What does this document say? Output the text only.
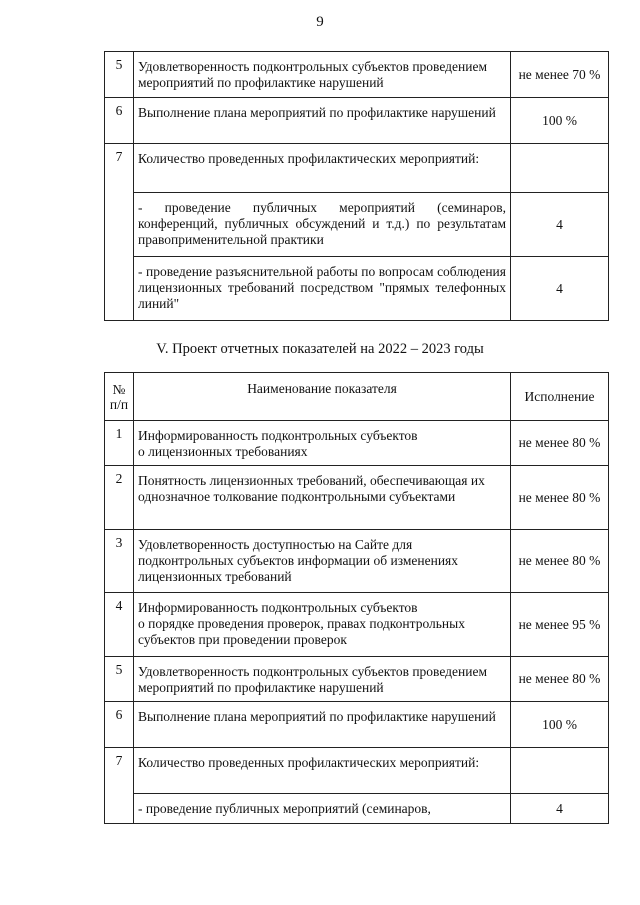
9
5	Удовлетворенность подконтрольных субъектов проведением мероприятий по профилактике нарушений	не менее 70 %
6	Выполнение плана мероприятий по профилактике нарушений	100 %
7	Количество проведенных профилактических мероприятий:	
	- проведение публичных мероприятий (семинаров, конференций, публичных обсуждений и т.д.) по результатам правоприменительной практики	4
	- проведение разъяснительной работы по вопросам соблюдения лицензионных требований посредством "прямых телефонных линий"	4
V. Проект отчетных показателей на 2022 – 2023 годы
№
п/п	Наименование показателя	Исполнение
1	Информированность подконтрольных субъектов
о лицензионных требованиях	не менее 80 %
2	Понятность лицензионных требований, обеспечивающая их однозначное толкование подконтрольными субъектами	не менее 80 %
3	Удовлетворенность доступностью на Сайте для подконтрольных субъектов информации об изменениях лицензионных требований	не менее 80 %
4	Информированность подконтрольных субъектов
о порядке проведения проверок, правах подконтрольных субъектов при проведении проверок	не менее 95 %
5	Удовлетворенность подконтрольных субъектов проведением мероприятий по профилактике нарушений	не менее 80 %
6	Выполнение плана мероприятий по профилактике нарушений	100 %
7	Количество проведенных профилактических мероприятий:	
	- проведение публичных мероприятий (семинаров,	4
